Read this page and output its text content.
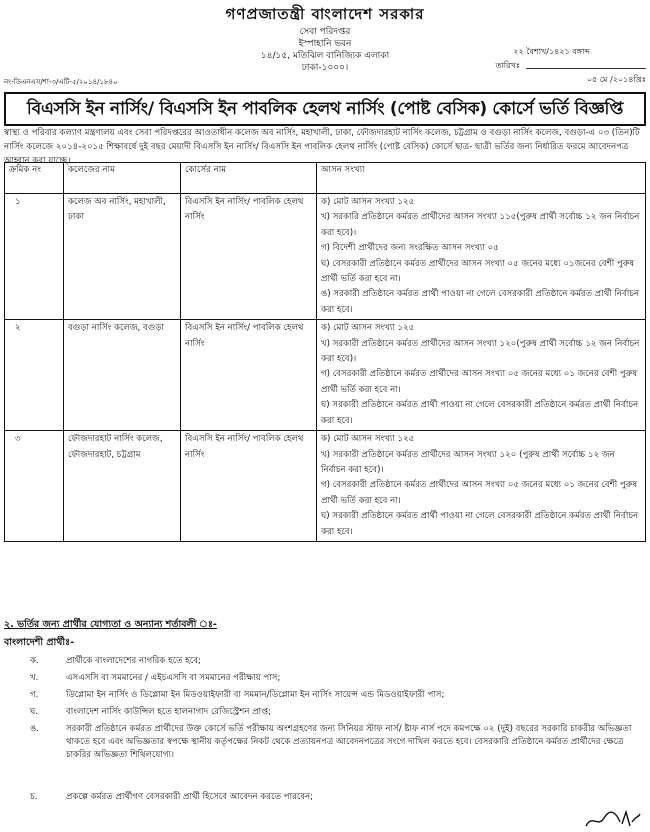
গণপ্রজাতন্ত্রী বাংলাদেশ সরকার
সেবা পরিদপ্তর
ইস্পাহানি ভবন
১৪/১৫, মতিঝিল বানিজ্যিক এলাকা
ঢাকা-১০০০।
নং-ডিএনএস/শা-৩/এটি-৫/২০১৪/১৮৪০
২২ বৈশাখ/১৪২১ বঙ্গাব্দ
তারিখঃ
০৫ মে /২০১৪খ্রিঃ
বিএসসি ইন নার্সিং/ বিএসসি ইন পাবলিক হেলথ নার্সিং (পোষ্ট বেসিক) কোর্সে ভর্তি বিজ্ঞপ্তি
স্বাস্থ্য ও পরিবার কল্যাণ মন্ত্রণালয় এবং সেবা পরিদপ্তরের আওতাধীন কলেজ অব নার্সিং, মহাখালী, ঢাকা, ফৌজদারহাট নার্সিং কলেজ, চট্টগ্রাম ও বগুড়া নার্সিং কলেজ, বগুড়া-এ ০৩ (তিন)টি নার্সিং কলেজে ২০১৪-২০১৫ শিক্ষাবর্ষে দুই বছর মেয়াদী বিএসসি ইন নার্সিং/ বিএসসি ইন পাবলিক হেলথ নার্সিং (পোষ্ট বেসিক) কোর্সে ছাত্র- ছাত্রী ভর্তির জন্য নির্ধারিত ফরমে আবেদনপত্র আহ্বান করা যাচ্ছে।
ক্রমিক নং	কলেজের নাম	কোর্সের নাম	আসন সংখ্যা
১	কলেজ অব নার্সিং, মহাখালী, ঢাকা	বিএসসি ইন নার্সিং/ পাবলিক হেলথ নার্সিং	ক) মোট আসন সংখ্যা ১২৫
খ) সরকারি প্রতিষ্ঠানে কর্মরত প্রার্থীদের আসন সংখ্যা ১১৫(পুরুষ প্রার্থী সর্বোচ্চ ১২ জন নির্বাচন করা হবে)।
গ) বিদেশী প্রার্থীদের জন্য সংরক্ষিত আসন সংখ্যা ০৫
ঘ) বেসরকারী প্রতিষ্ঠানে কর্মরত প্রার্থীদের আসন সংখ্যা ০৫ জনের মধ্যে ০১জনের বেশী পুরুষ প্রার্থী ভর্তি করা হবে না।
ঙ) সরকারী প্রতিষ্ঠানে কর্মরত প্রার্থী পাওয়া না গেলে বেসরকারী প্রতিষ্ঠানে কর্মরত প্রার্থী নির্বাচন করা হবে।

২	বগুড়া নার্সিং কলেজ, বগুড়া	বিএসসি ইন নার্সিং/ পাবলিক হেলথ নার্সিং	ক) মোট আসন সংখ্যা ১২৫
খ) সরকারী প্রতিষ্ঠানে কর্মরত প্রার্থীদের আসন সংখ্যা ১২০(পুরুষ প্রার্থী সর্বোচ্চ ১২ জন নির্বাচন করা হবে)।
গ) বেসরকারী প্রতিষ্ঠানে কর্মরত প্রার্থীদের আসন সংখ্যা ০৫ জনের মধ্যে ০১ জনের বেশী পুরুষ প্রার্থী ভর্তি করা হবে না।
ঘ) সরকারী প্রতিষ্ঠানে কর্মরত প্রার্থী পাওয়া না গেলে বেসরকারী প্রতিষ্ঠানে কর্মরত প্রার্থী নির্বাচন করা হবে।

৩	ফৌজদারহাট নার্সিং কলেজ, ফৌজদারহাট, চট্টগ্রাম	বিএসসি ইন নার্সিং/ পাবলিক হেলথ নার্সিং	ক) মোট আসন সংখ্যা ১২৫
খ) সরকারী প্রতিষ্ঠানে কর্মরত প্রার্থীদের আসন সংখ্যা ১২০ (পুরুষ প্রার্থী সর্বোচ্চ ১২ জন নির্বাচন করা হবে)।
গ) বেসরকারী প্রতিষ্ঠানে কর্মরত প্রার্থীদের আসন সংখ্যা ০৫ জনের মধ্যে ০১ জনের বেশী পুরুষ প্রার্থী ভর্তি করা হবে না।
ঘ) সরকারী প্রতিষ্ঠানে কর্মরত প্রার্থী পাওয়া না গেলে বেসরকারী প্রতিষ্ঠানে কর্মরত প্রার্থী নির্বাচন করা হবে।
২. ভর্তির জন্য প্রার্থীর যোগ্যতা ও অন্যান্য শর্তাবলী ঃ-
বাংলাদেশী প্রার্থীঃ-
ক.	প্রার্থীকে বাংলাদেশের নাগরিক হতে হবে;
খ.	এসএসসি বা সমমানের / এইচএসসি বা সমমানের পরীক্ষায় পাস;
গ.	ডিপ্লোমা ইন নার্সিং ও ডিপ্লোমা ইন মিডওয়াইফারী বা সমমান/ডিপ্লোমা ইন নার্সিং সায়েন্স এন্ড মিডওয়াইফারী পাস;
ঘ.	বাংলাদেশ নার্সিং কাউন্সিল হতে হালনাগাদ রেজিস্ট্রেশন প্রাপ্ত;
ঙ.	সরকারী প্রতিষ্ঠানে কর্মরত প্রার্থীদের উক্ত কোর্সে ভর্তি পরীক্ষায় অংশগ্রহণের জন্য সিনিয়র স্টাফ নার্স/ ষ্টাফ নার্স পদে কমপক্ষে ০২ (দুই) বছরের সরকারি চাকরীর অভিজ্ঞতা থাকতে হবে এবং অভিজ্ঞতার স্বপক্ষে স্থানীয় কর্তৃপক্ষের নিকট থেকে প্রত্যায়নপত্র আবেদনপত্রের সংগে দাখিল করতে হবে। বেসরকারি প্রতিষ্ঠানে কর্মরত প্রার্থীদের ক্ষেত্রে চাকরির অভিজ্ঞতা শিথিলযোগ্য।
চ.	প্রকল্পে কর্মরত প্রার্থীগণ বেসরকারী প্রার্থী হিসেবে আবেদন করতে পারবেন;
